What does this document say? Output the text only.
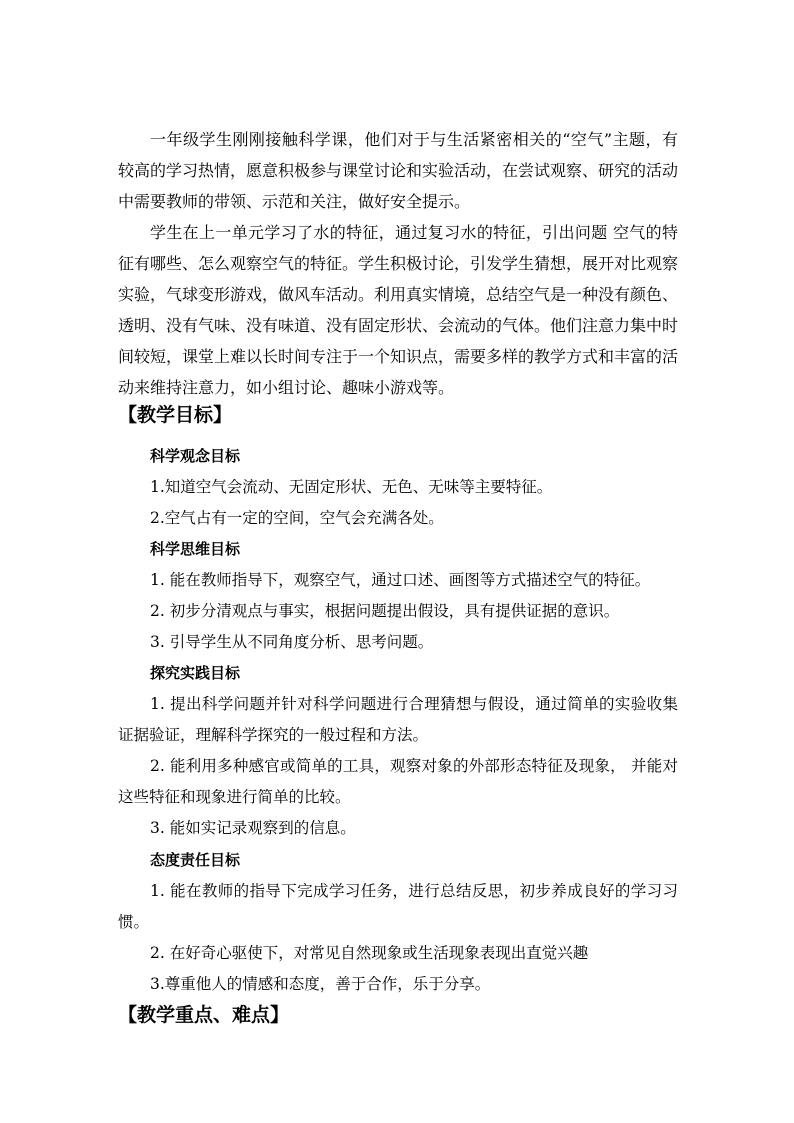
一年级学生刚刚接触科学课，他们对于与生活紧密相关的“空气”主题，有较高的学习热情，愿意积极参与课堂讨论和实验活动，在尝试观察、研究的活动中需要教师的带领、示范和关注，做好安全提示。

学生在上一单元学习了水的特征，通过复习水的特征，引出问题 空气的特征有哪些、怎么观察空气的特征。学生积极讨论，引发学生猜想，展开对比观察实验，气球变形游戏，做风车活动。利用真实情境，总结空气是一种没有颜色、透明、没有气味、没有味道、没有固定形状、会流动的气体。他们注意力集中时间较短，课堂上难以长时间专注于一个知识点，需要多样的教学方式和丰富的活动来维持注意力，如小组讨论、趣味小游戏等。

【教学目标】
科学观念目标

1.知道空气会流动、无固定形状、无色、无味等主要特征。

2.空气占有一定的空间，空气会充满各处。

科学思维目标

1. 能在教师指导下，观察空气，通过口述、画图等方式描述空气的特征。

2. 初步分清观点与事实，根据问题提出假设，具有提供证据的意识。

3. 引导学生从不同角度分析、思考问题。

探究实践目标

1. 提出科学问题并针对科学问题进行合理猜想与假设，通过简单的实验收集证据验证，理解科学探究的一般过程和方法。

2. 能利用多种感官或简单的工具，观察对象的外部形态特征及现象， 并能对这些特征和现象进行简单的比较。

3. 能如实记录观察到的信息。

态度责任目标

1. 能在教师的指导下完成学习任务，进行总结反思，初步养成良好的学习习惯。

2. 在好奇心驱使下，对常见自然现象或生活现象表现出直觉兴趣

3.尊重他人的情感和态度，善于合作，乐于分享。

【教学重点、难点】
